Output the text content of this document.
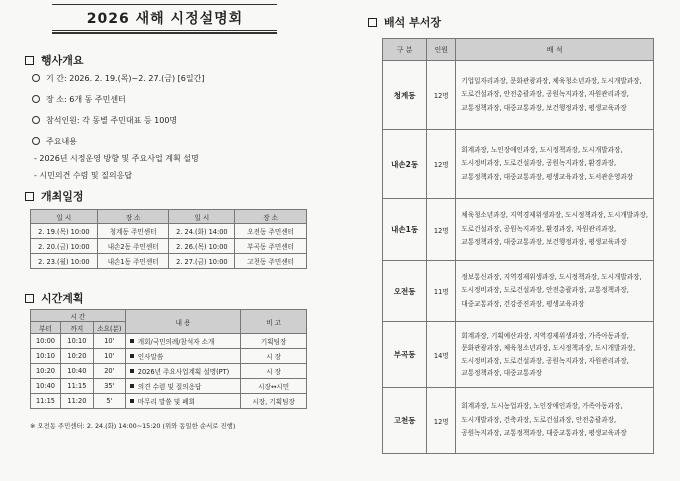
2026 새해 시정설명회
행사개요
기 간: 2026. 2. 19.(목)~2. 27.(금) [6일간]
장 소: 6개 동 주민센터
참석인원: 각 동별 주민대표 등 100명
주요내용
- 2026년 시정운영 방향 및 주요사업 계획 설명
- 시민의견 수렴 및 질의응답
개최일정
일 시	장 소	일 시	장 소
2. 19.(목) 10:00	청계동 주민센터	2. 24.(화) 14:00	오전동 주민센터
2. 20.(금) 10:00	내손2동 주민센터	2. 26.(목) 10:00	부곡동 주민센터
2. 23.(월) 10:00	내손1동 주민센터	2. 27.(금) 10:00	고천동 주민센터
시간계획
시 간			내 용	비 고
부터	까지	소요(분)		
10:00	10:10	10'	개회/국민의례/참석자 소개	기획팀장
10:10	10:20	10'	인사말씀	시 장
10:20	10:40	20'	2026년 주요사업계획 설명(PT)	시 장
10:40	11:15	35'	의견 수렴 및 질의응답	시장↔시민
11:15	11:20	5'	마무리 말씀 및 폐회	시장, 기획팀장
※ 오전동 주민센터: 2. 24.(화) 14:00~15:20 (위와 동일한 순서로 진행)
배석 부서장
구 분	인원	배 석
청계동	12명	기업일자리과장, 문화관광과장, 체육청소년과장, 도시개발과장,
도로건설과장, 안전총괄과장, 공원녹지과장, 자원관리과장,
교통정책과장, 대중교통과장, 보건행정과장, 평생교육과장

내손2동	12명	회계과장, 노인장애인과장, 도시정책과장, 도시개발과장,
도시정비과장, 도로건설과장, 공원녹지과장, 환경과장,
교통정책과장, 대중교통과장, 평생교육과장, 도서관운영과장

내손1동	12명	체육청소년과장, 지역경제위생과장, 도시정책과장, 도시개발과장,
도로건설과장, 공원녹지과장, 환경과장, 자원관리과장,
교통정책과장, 대중교통과장, 보건행정과장, 평생교육과장

오전동	11명	정보통신과장, 지역경제위생과장, 도시정책과장, 도시개발과장,
도시정비과장, 도로건설과장, 안전총괄과장, 교통정책과장,
대중교통과장, 건강증진과장, 평생교육과장

부곡동	14명	회계과장, 기획예산과장, 지역경제위생과장, 가족아동과장,
문화관광과장, 체육청소년과장, 도시정책과장, 도시개발과장,
도시정비과장, 도로건설과장, 공원녹지과장, 자원관리과장,
교통정책과장, 대중교통과장

고천동	12명	회계과장, 도시농업과장, 노인장애인과장, 가족아동과장,
도시개발과장, 건축과장, 도로건설과장, 안전총괄과장,
공원녹지과장, 교통정책과장, 대중교통과장, 평생교육과장
